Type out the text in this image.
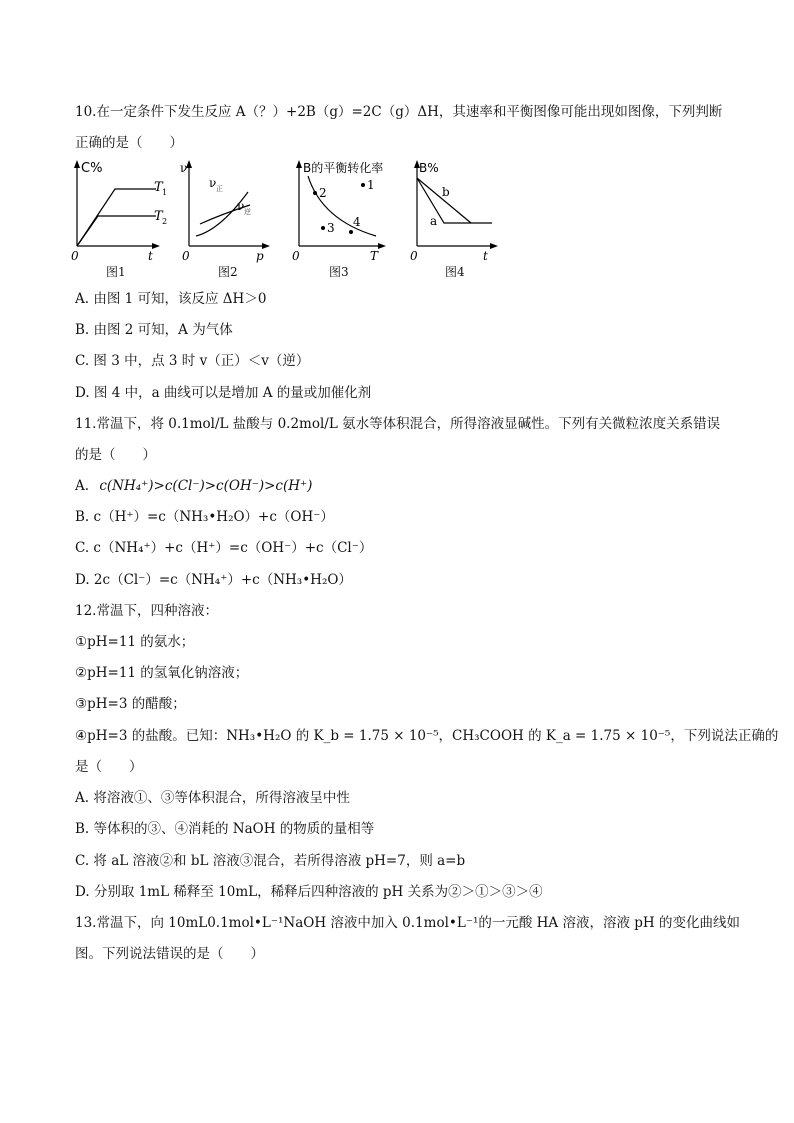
10.在一定条件下发生反应 A（？）+2B（g）=2C（g）ΔH，其速率和平衡图像可能出现如图像，下列判断
正确的是（　　）
C%
T 1
T 2
0	t
图1
ν
ν 正
ν 逆
0	p
图2
B的平衡转化率
1
2
3 4
0	T
图3
B%
b
a
0	t
图4
A. 由图 1 可知，该反应 ΔH＞0
B. 由图 2 可知，A 为气体
C. 图 3 中，点 3 时 v（正）＜v（逆）
D. 图 4 中，a 曲线可以是增加 A 的量或加催化剂
11.常温下，将 0.1mol/L 盐酸与 0.2mol/L 氨水等体积混合，所得溶液显碱性。下列有关微粒浓度关系错误
的是（　　）
A. c(NH₄⁺)>c(Cl⁻)>c(OH⁻)>c(H⁺)
B. c（H⁺）=c（NH₃•H₂O）+c（OH⁻）
C. c（NH₄⁺）+c（H⁺）=c（OH⁻）+c（Cl⁻）
D. 2c（Cl⁻）=c（NH₄⁺）+c（NH₃•H₂O）
12.常温下，四种溶液：
①pH=11 的氨水；
②pH=11 的氢氧化钠溶液；
③pH=3 的醋酸；
④pH=3 的盐酸。已知：NH₃•H₂O 的 K_b = 1.75 × 10⁻⁵，CH₃COOH 的 K_a = 1.75 × 10⁻⁵，下列说法正确的
是（　　）
A. 将溶液①、③等体积混合，所得溶液呈中性
B. 等体积的③、④消耗的 NaOH 的物质的量相等
C. 将 aL 溶液②和 bL 溶液③混合，若所得溶液 pH=7，则 a=b
D. 分别取 1mL 稀释至 10mL，稀释后四种溶液的 pH 关系为②＞①＞③＞④
13.常温下，向 10mL0.1mol•L⁻¹NaOH 溶液中加入 0.1mol•L⁻¹的一元酸 HA 溶液，溶液 pH 的变化曲线如
图。下列说法错误的是（　　）
